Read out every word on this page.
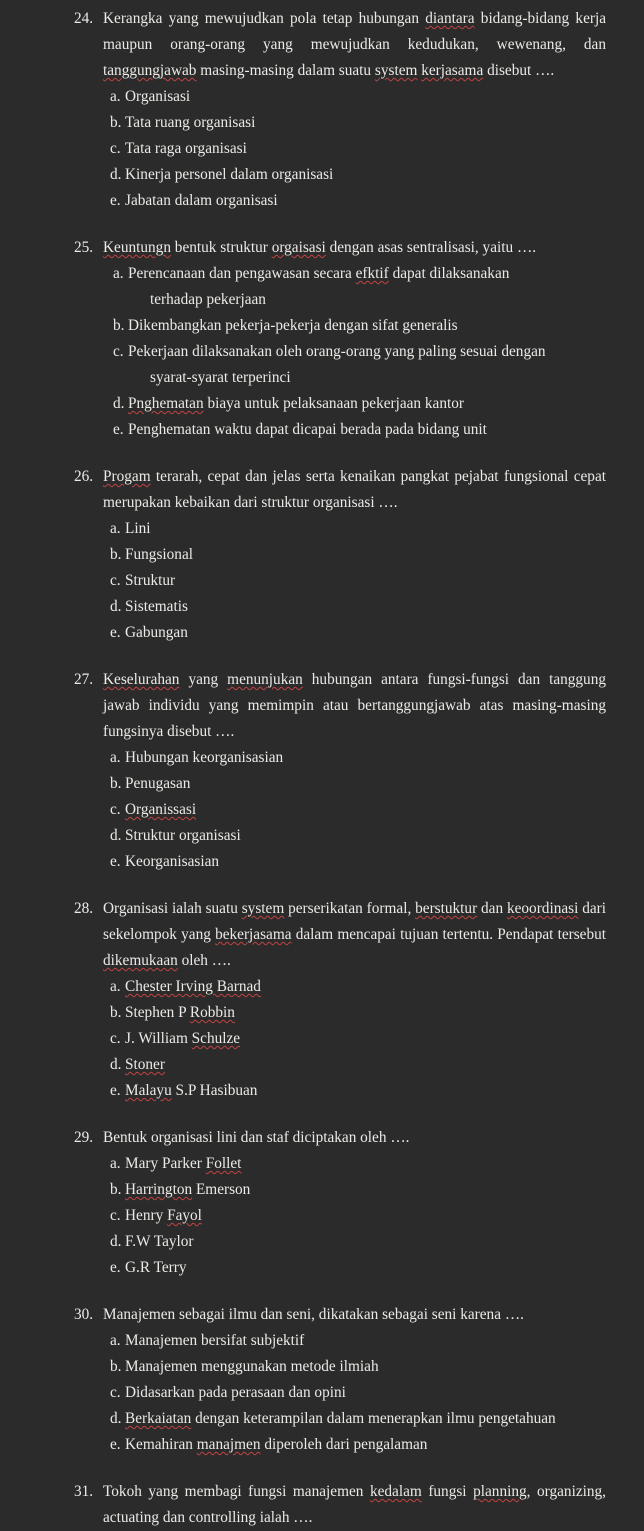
24. Kerangka yang mewujudkan pola tetap hubungan diantara bidang-bidang kerja maupun orang-orang yang mewujudkan kedudukan, wewenang, dan tanggungjawab masing-masing dalam suatu system kerjasama disebut ….
a. Organisasi
b. Tata ruang organisasi
c. Tata raga organisasi
d. Kinerja personel dalam organisasi
e. Jabatan dalam organisasi
25. Keuntungn bentuk struktur orgaisasi dengan asas sentralisasi, yaitu ….
a. Perencanaan dan pengawasan secara efktif dapat dilaksanakan
terhadap pekerjaan
b. Dikembangkan pekerja-pekerja dengan sifat generalis
c. Pekerjaan dilaksanakan oleh orang-orang yang paling sesuai dengan
syarat-syarat terperinci
d. Pnghematan biaya untuk pelaksanaan pekerjaan kantor
e. Penghematan waktu dapat dicapai berada pada bidang unit
26. Progam terarah, cepat dan jelas serta kenaikan pangkat pejabat fungsional cepat merupakan kebaikan dari struktur organisasi ….
a. Lini
b. Fungsional
c. Struktur
d. Sistematis
e. Gabungan
27. Keselurahan yang menunjukan hubungan antara fungsi-fungsi dan tanggung jawab individu yang memimpin atau bertanggungjawab atas masing-masing fungsinya disebut ….
a. Hubungan keorganisasian
b. Penugasan
c. Organissasi
d. Struktur organisasi
e. Keorganisasian
28. Organisasi ialah suatu system perserikatan formal, berstuktur dan keoordinasi dari sekelompok yang bekerjasama dalam mencapai tujuan tertentu. Pendapat tersebut dikemukaan oleh ….
a. Chester Irving Barnad
b. Stephen P Robbin
c. J. William Schulze
d. Stoner
e. Malayu S.P Hasibuan
29. Bentuk organisasi lini dan staf diciptakan oleh ….
a. Mary Parker Follet
b. Harrington Emerson
c. Henry Fayol
d. F.W Taylor
e. G.R Terry
30. Manajemen sebagai ilmu dan seni, dikatakan sebagai seni karena ….
a. Manajemen bersifat subjektif
b. Manajemen menggunakan metode ilmiah
c. Didasarkan pada perasaan dan opini
d. Berkaiatan dengan keterampilan dalam menerapkan ilmu pengetahuan
e. Kemahiran manajmen diperoleh dari pengalaman
31. Tokoh yang membagi fungsi manajemen kedalam fungsi planning, organizing, actuating dan controlling ialah ….
